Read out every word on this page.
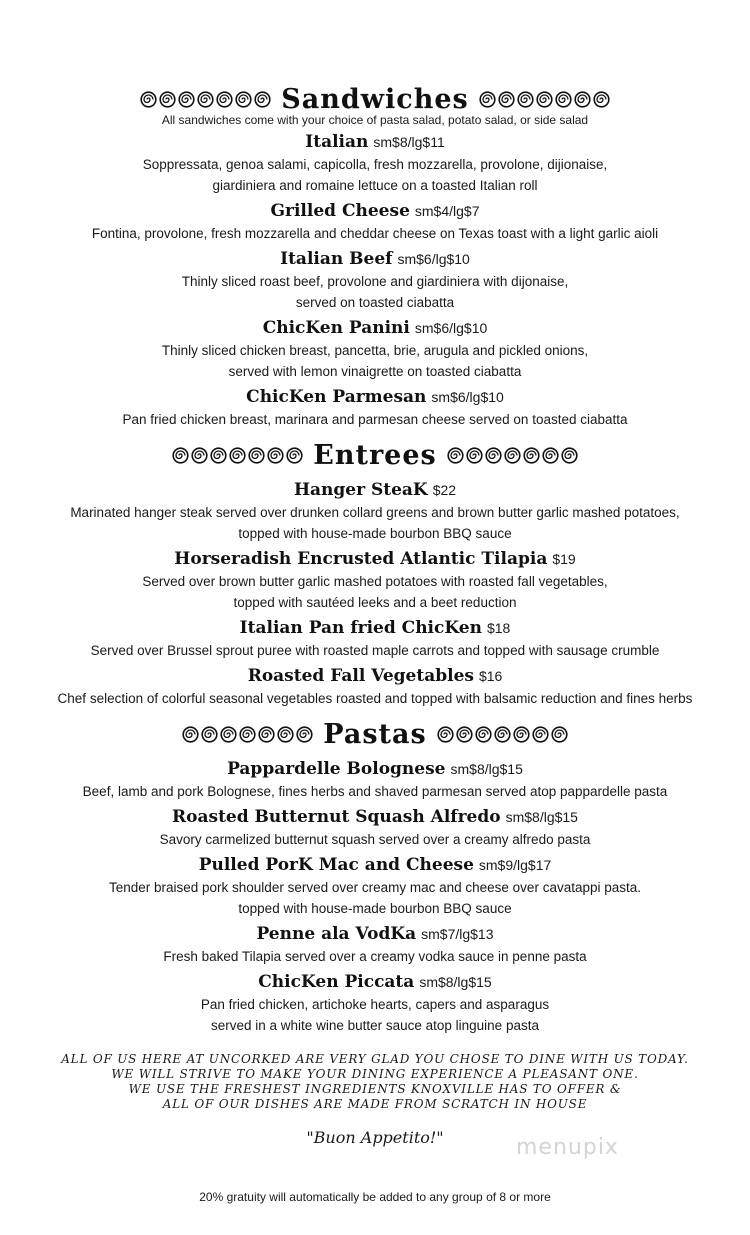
Sandwiches
All sandwiches come with your choice of pasta salad, potato salad, or side salad
Italian sm$8/lg$11
Soppressata, genoa salami, capicolla, fresh mozzarella, provolone, dijionaise,
giardiniera and romaine lettuce on a toasted Italian roll
Grilled Cheese sm$4/lg$7
Fontina, provolone, fresh mozzarella and cheddar cheese on Texas toast with a light garlic aioli
Italian Beef sm$6/lg$10
Thinly sliced roast beef, provolone and giardiniera with dijonaise,
served on toasted ciabatta
ChicKen Panini sm$6/lg$10
Thinly sliced chicken breast, pancetta, brie, arugula and pickled onions,
served with lemon vinaigrette on toasted ciabatta
ChicKen Parmesan sm$6/lg$10
Pan fried chicken breast, marinara and parmesan cheese served on toasted ciabatta
Entrees
Hanger SteaK $22
Marinated hanger steak served over drunken collard greens and brown butter garlic mashed potatoes,
topped with house-made bourbon BBQ sauce
Horseradish Encrusted Atlantic Tilapia $19
Served over brown butter garlic mashed potatoes with roasted fall vegetables,
topped with sautéed leeks and a beet reduction
Italian Pan fried ChicKen $18
Served over Brussel sprout puree with roasted maple carrots and topped with sausage crumble
Roasted Fall Vegetables $16
Chef selection of colorful seasonal vegetables roasted and topped with balsamic reduction and fines herbs
Pastas
Pappardelle Bolognese sm$8/lg$15
Beef, lamb and pork Bolognese, fines herbs and shaved parmesan served atop pappardelle pasta
Roasted Butternut Squash Alfredo sm$8/lg$15
Savory carmelized butternut squash served over a creamy alfredo pasta
Pulled PorK Mac and Cheese sm$9/lg$17
Tender braised pork shoulder served over creamy mac and cheese over cavatappi pasta.
topped with house-made bourbon BBQ sauce
Penne ala VodKa sm$7/lg$13
Fresh baked Tilapia served over a creamy vodka sauce in penne pasta
ChicKen Piccata sm$8/lg$15
Pan fried chicken, artichoke hearts, capers and asparagus
served in a white wine butter sauce atop linguine pasta
ALL OF US HERE AT UNCORKED ARE VERY GLAD YOU CHOSE TO DINE WITH US TODAY.
WE WILL STRIVE TO MAKE YOUR DINING EXPERIENCE A PLEASANT ONE.
WE USE THE FRESHEST INGREDIENTS KNOXVILLE HAS TO OFFER &
ALL OF OUR DISHES ARE MADE FROM SCRATCH IN HOUSE
"Buon Appetito!"	menupix
20% gratuity will automatically be added to any group of 8 or more
